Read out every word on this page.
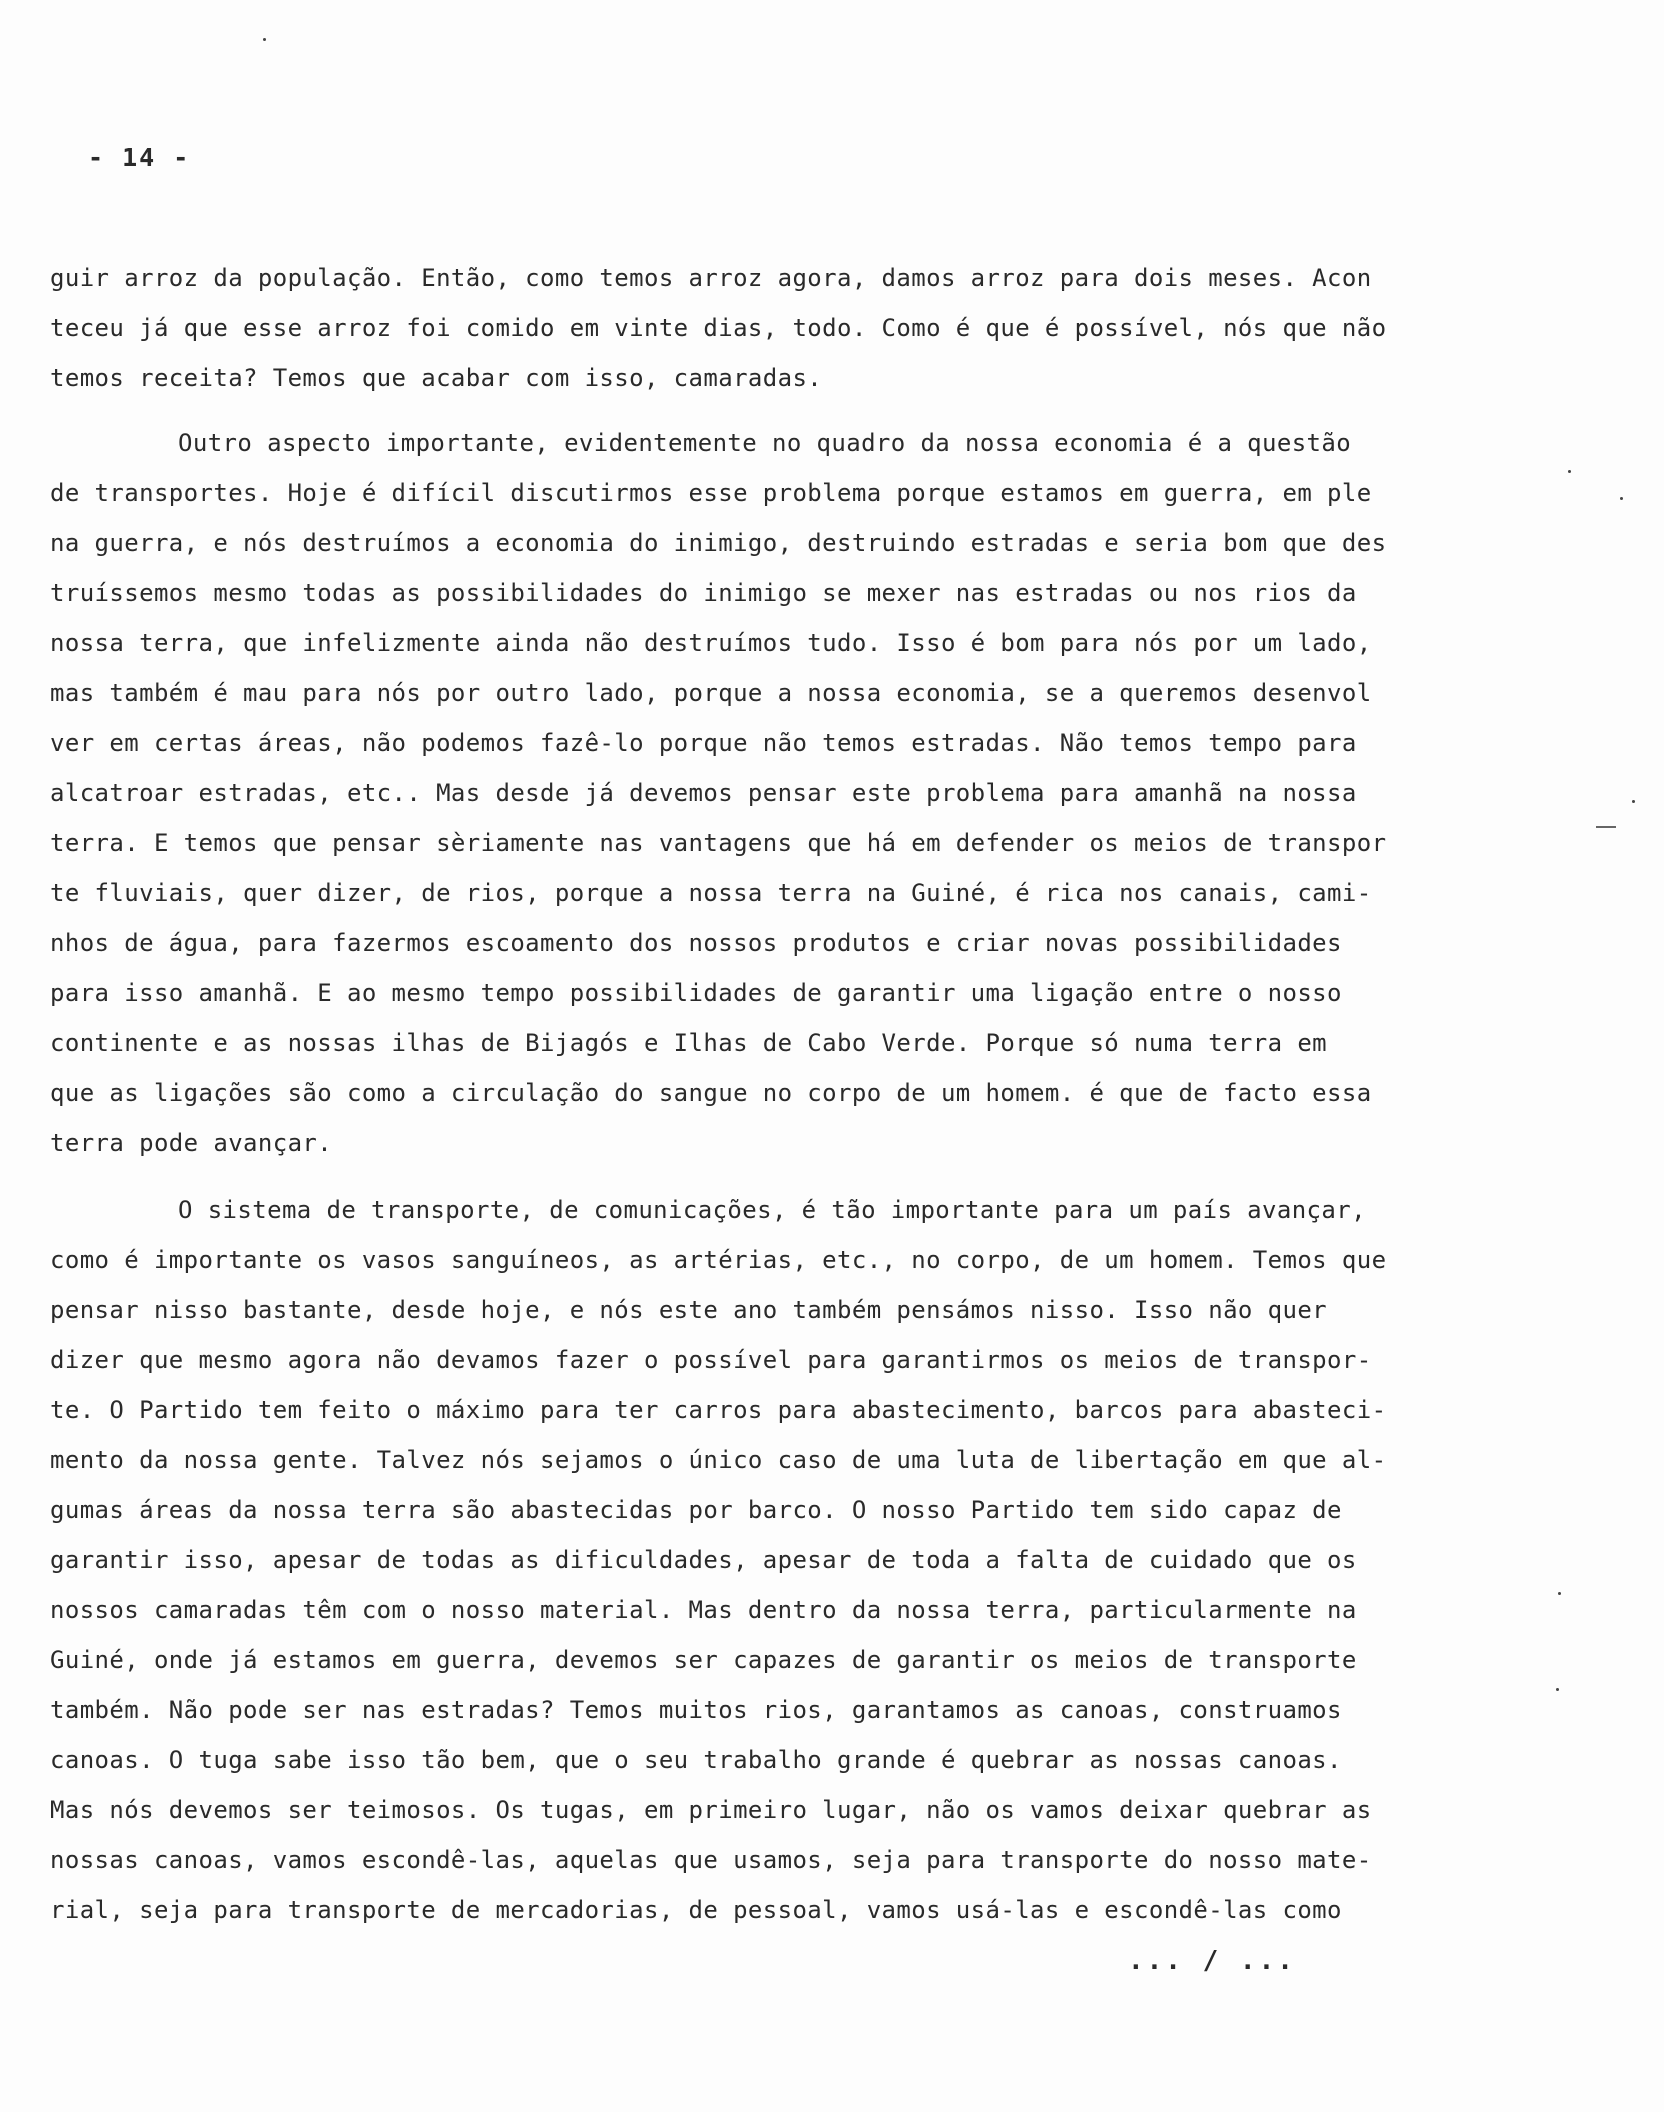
- 14 -
guir arroz da população. Então, como temos arroz agora, damos arroz para dois meses. Acon
teceu já que esse arroz foi comido em vinte dias, todo. Como é que é possível, nós que não
temos receita? Temos que acabar com isso, camaradas.
Outro aspecto importante, evidentemente no quadro da nossa economia é a questão
de transportes. Hoje é difícil discutirmos esse problema porque estamos em guerra, em ple
na guerra, e nós destruímos a economia do inimigo, destruindo estradas e seria bom que des
truíssemos mesmo todas as possibilidades do inimigo se mexer nas estradas ou nos rios da
nossa terra, que infelizmente ainda não destruímos tudo. Isso é bom para nós por um lado,
mas também é mau para nós por outro lado, porque a nossa economia, se a queremos desenvol
ver em certas áreas, não podemos fazê-lo porque não temos estradas. Não temos tempo para
alcatroar estradas, etc.. Mas desde já devemos pensar este problema para amanhã na nossa
terra. E temos que pensar sèriamente nas vantagens que há em defender os meios de transpor
te fluviais, quer dizer, de rios, porque a nossa terra na Guiné, é rica nos canais, cami-
nhos de água, para fazermos escoamento dos nossos produtos e criar novas possibilidades
para isso amanhã. E ao mesmo tempo possibilidades de garantir uma ligação entre o nosso
continente e as nossas ilhas de Bijagós e Ilhas de Cabo Verde. Porque só numa terra em
que as ligações são como a circulação do sangue no corpo de um homem. é que de facto essa
terra pode avançar.
O sistema de transporte, de comunicações, é tão importante para um país avançar,
como é importante os vasos sanguíneos, as artérias, etc., no corpo, de um homem. Temos que
pensar nisso bastante, desde hoje, e nós este ano também pensámos nisso. Isso não quer
dizer que mesmo agora não devamos fazer o possível para garantirmos os meios de transpor-
te. O Partido tem feito o máximo para ter carros para abastecimento, barcos para abasteci-
mento da nossa gente. Talvez nós sejamos o único caso de uma luta de libertação em que al-
gumas áreas da nossa terra são abastecidas por barco. O nosso Partido tem sido capaz de
garantir isso, apesar de todas as dificuldades, apesar de toda a falta de cuidado que os
nossos camaradas têm com o nosso material. Mas dentro da nossa terra, particularmente na
Guiné, onde já estamos em guerra, devemos ser capazes de garantir os meios de transporte
também. Não pode ser nas estradas? Temos muitos rios, garantamos as canoas, construamos
canoas. O tuga sabe isso tão bem, que o seu trabalho grande é quebrar as nossas canoas.
Mas nós devemos ser teimosos. Os tugas, em primeiro lugar, não os vamos deixar quebrar as
nossas canoas, vamos escondê-las, aquelas que usamos, seja para transporte do nosso mate-
rial, seja para transporte de mercadorias, de pessoal, vamos usá-las e escondê-las como
... / ...
